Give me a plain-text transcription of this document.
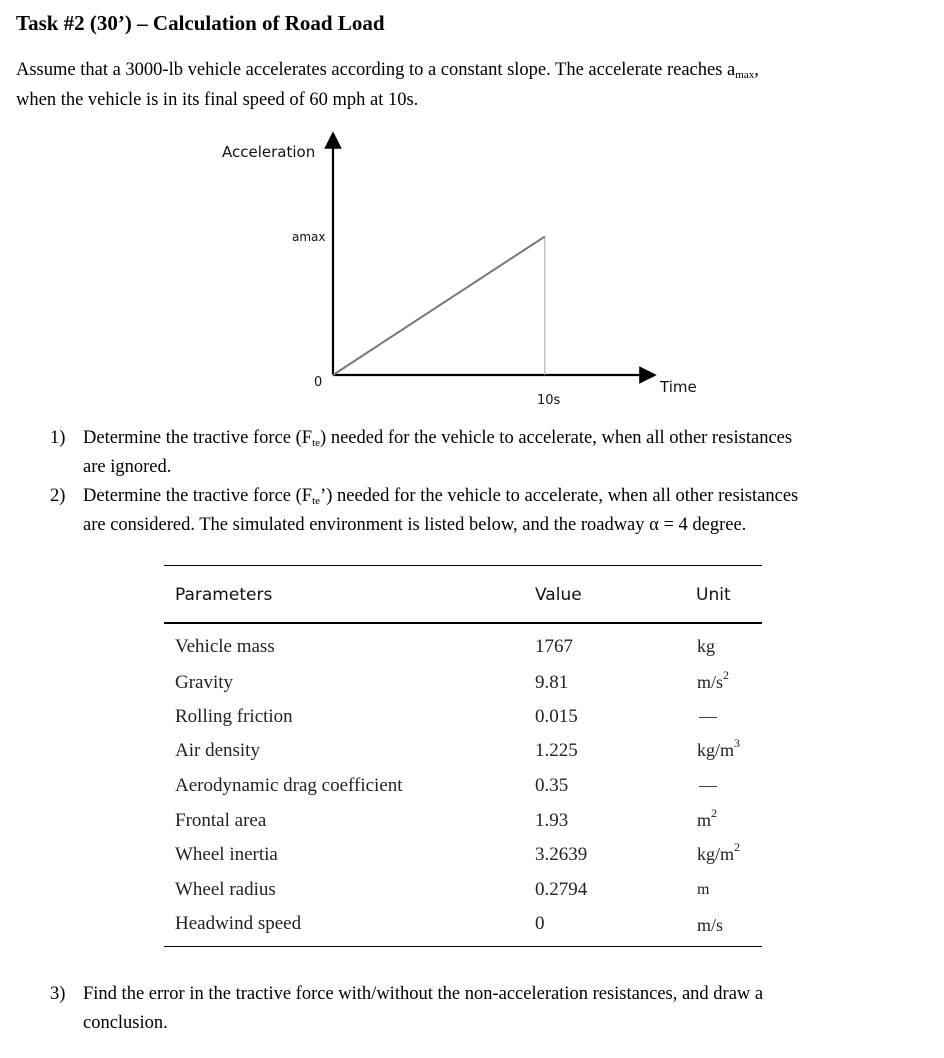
Task #2 (30’) – Calculation of Road Load
Assume that a 3000-lb vehicle accelerates according to a constant slope. The accelerate reaches $a_{max}$,
when the vehicle is in its final speed of 60 mph at 10s.
Acceleration
Time
0
amax
10s
1) Determine the tractive force $(F_{te})$ needed for the vehicle to accelerate, when all other resistances
are ignored.
2) Determine the tractive force $(F_{te}’)$ needed for the vehicle to accelerate, when all other resistances
are considered. The simulated environment is listed below, and the roadway α = 4 degree.
Parameters	Value	Unit
Vehicle mass	1767	kg
Gravity	9.81	$m/s^2$
Rolling friction	0.015	—
Air density	1.225	$kg/m^3$
Aerodynamic drag coefficient	0.35	—
Frontal area	1.93	$m^2$
Wheel inertia	3.2639	$kg/m^2$
Wheel radius	0.2794	m
Headwind speed	0	m/s
3) Find the error in the tractive force with/without the non-acceleration resistances, and draw a
conclusion.
